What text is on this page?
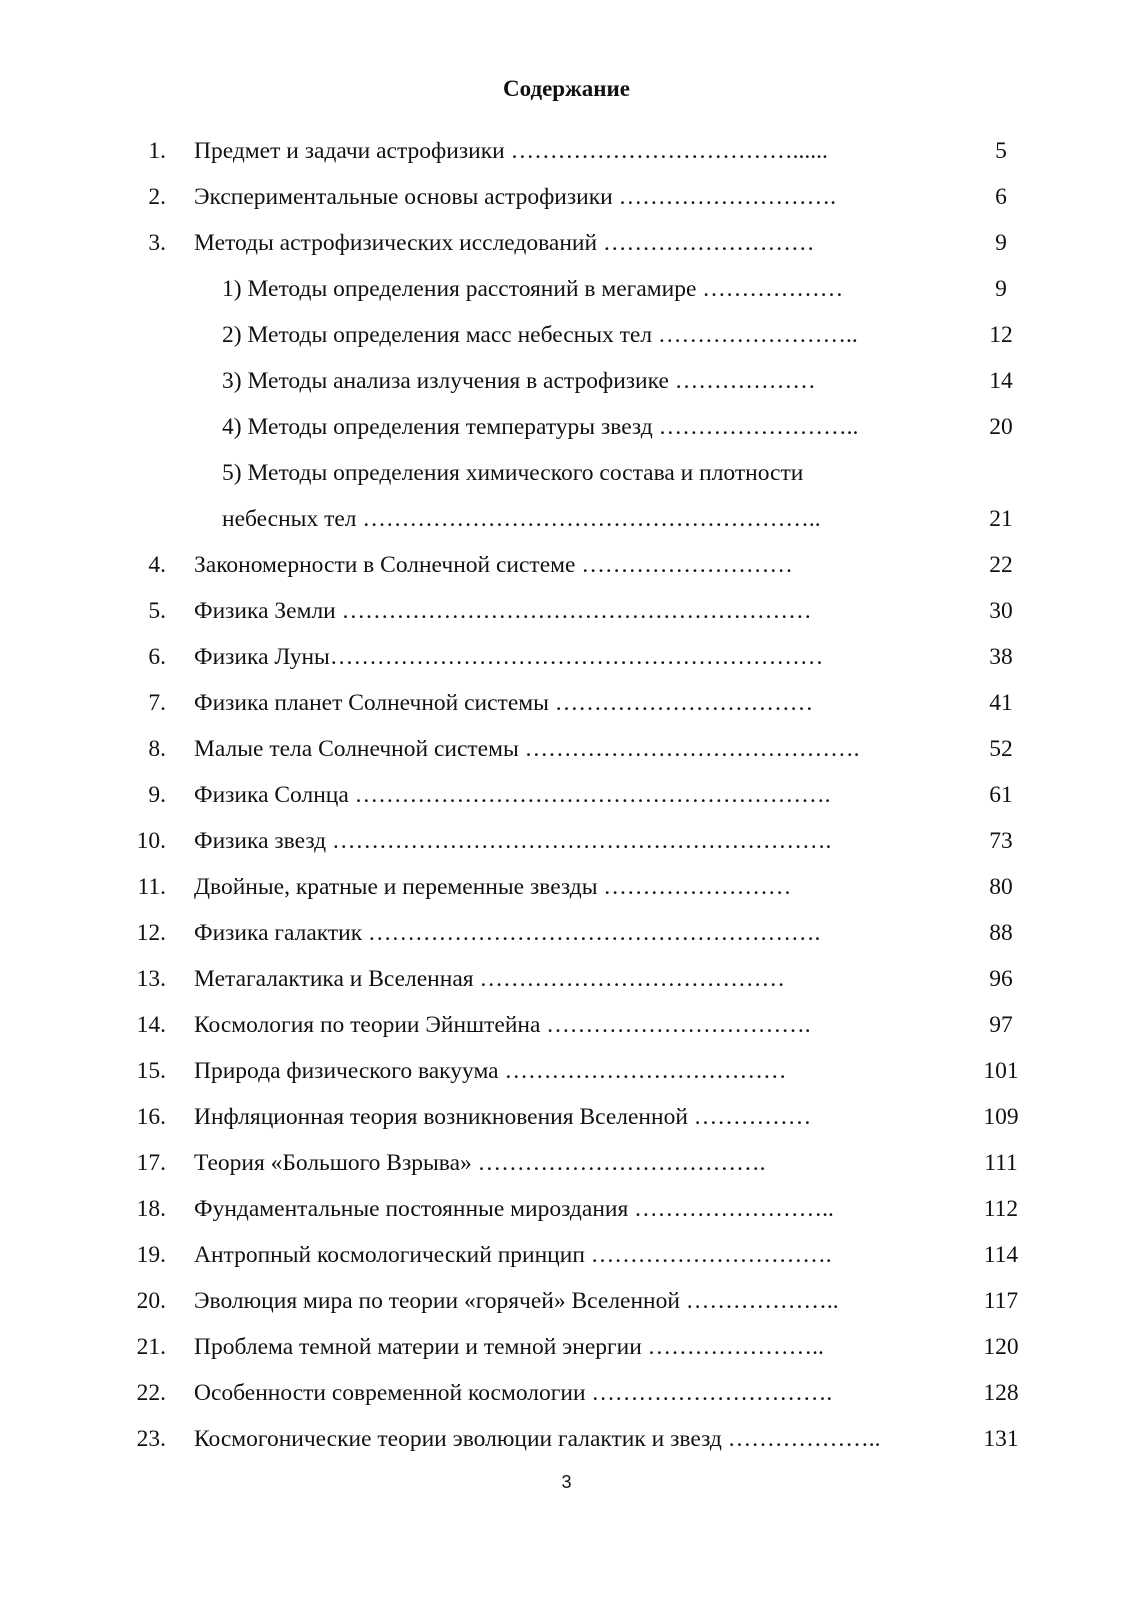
Содержание
1. Предмет и задачи астрофизики ………………………………......	5
2. Экспериментальные основы астрофизики ……………………….	6
3. Методы астрофизических исследований ………………………	9
1) Методы определения расстояний в мегамире ………………	9
2) Методы определения масс небесных тел ……………………..	12
3) Методы анализа излучения в астрофизике ………………	14
4) Методы определения температуры звезд ……………………..	20
5) Методы определения химического состава и плотности
небесных тел …………………………………………………..	21
4. Закономерности в Солнечной системе ………………………	22
5. Физика Земли ……………………………………………………	30
6. Физика Луны………………………………………………………	38
7. Физика планет Солнечной системы ……………………………	41
8. Малые тела Солнечной системы …………………………………….	52
9. Физика Солнца …………………………………………………….	61
10. Физика звезд ……………………………………………………….	73
11. Двойные, кратные и переменные звезды ……………………	80
12. Физика галактик ………………………………………………….	88
13. Метагалактика и Вселенная …………………………………	96
14. Космология по теории Эйнштейна …………………………….	97
15. Природа физического вакуума ………………………………	101
16. Инфляционная теория возникновения Вселенной ……………	109
17. Теория «Большого Взрыва» ……………………………….	111
18. Фундаментальные постоянные мироздания ……………………..	112
19. Антропный космологический принцип ………………………….	114
20. Эволюция мира по теории «горячей» Вселенной ………………..	117
21. Проблема темной материи и темной энергии …………………..	120
22. Особенности современной космологии ………………………….	128
23. Космогонические теории эволюции галактик и звезд ………………..	131
3
